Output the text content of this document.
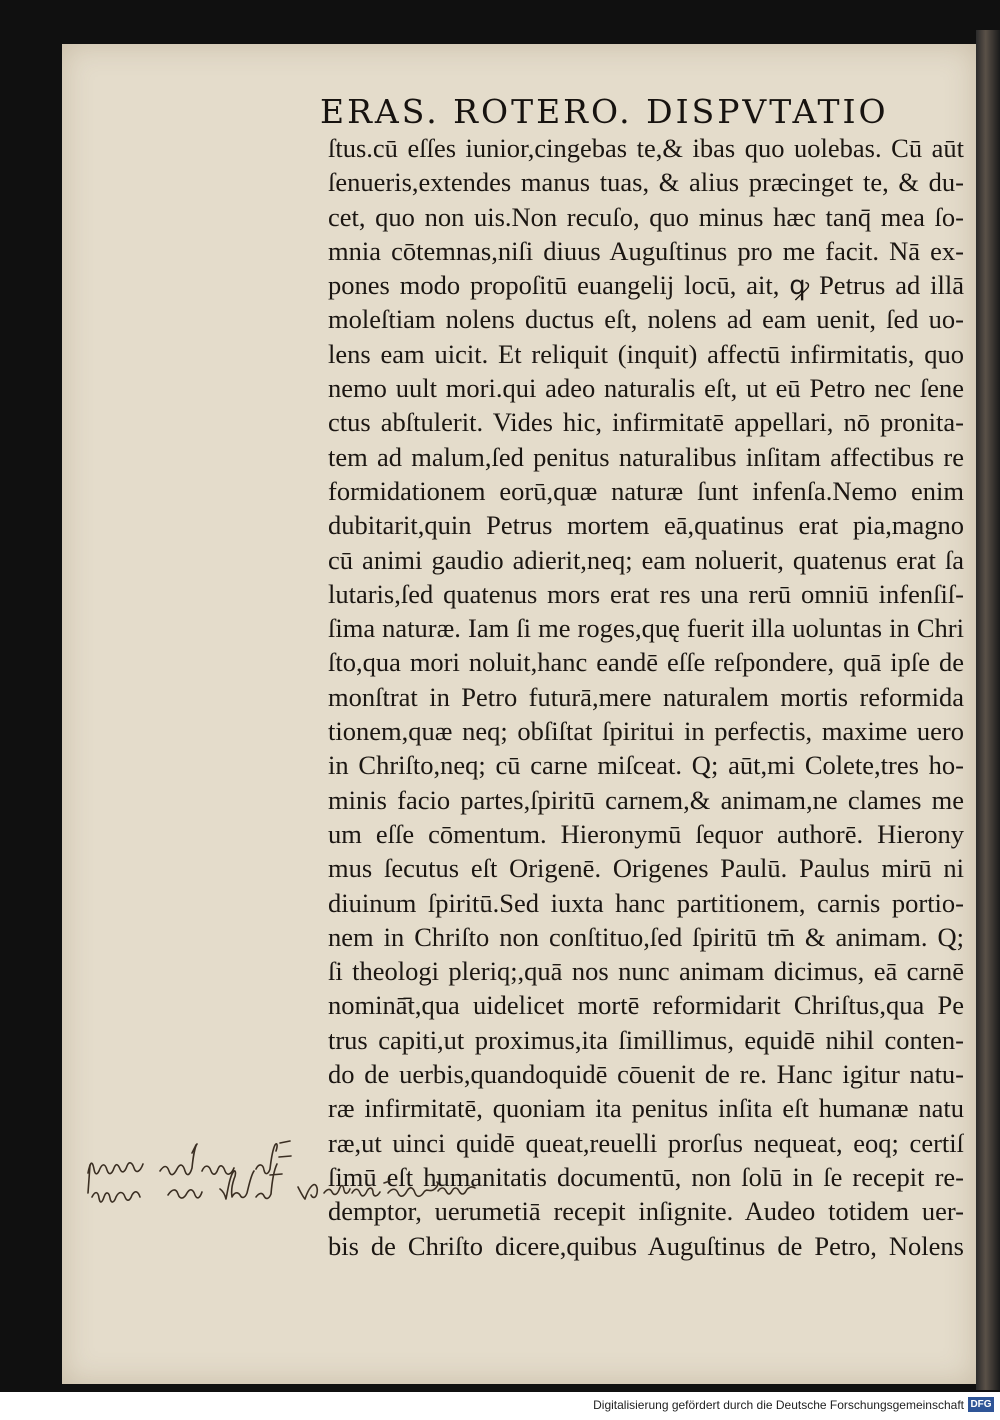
ERAS. ROTERO. DISPVTATIO
ſtus.cū eſſes iunior,cingebas te,& ibas quo uolebas. Cū aūt
ſenueris,extendes manus tuas, & alius præcinget te, & du-
cet, quo non uis.Non recuſo, quo minus hæc tanq̄ mea ſo-
mnia cōtemnas,niſi diuus Auguſtinus pro me facit. Nā ex-
pones modo propoſitū euangelij locū, ait, ꝙ Petrus ad illā
moleſtiam nolens ductus eſt, nolens ad eam uenit, ſed uo-
lens eam uicit. Et reliquit (inquit) affectū infirmitatis, quo
nemo uult mori.qui adeo naturalis eſt, ut eū Petro nec ſene
ctus abſtulerit. Vides hic, infirmitatē appellari, nō pronita-
tem ad malum,ſed penitus naturalibus inſitam affectibus re
formidationem eorū,quæ naturæ ſunt infenſa.Nemo enim
dubitarit,quin Petrus mortem eā,quatinus erat pia,magno
cū animi gaudio adierit,neq; eam noluerit, quatenus erat ſa
lutaris,ſed quatenus mors erat res una rerū omniū infenſiſ-
ſima naturæ. Iam ſi me roges,quę fuerit illa uoluntas in Chri
ſto,qua mori noluit,hanc eandē eſſe reſpondere, quā ipſe de
monſtrat in Petro futurā,mere naturalem mortis reformida
tionem,quæ neq; obſiſtat ſpiritui in perfectis, maxime uero
in Chriſto,neq; cū carne miſceat. Q; aūt,mi Colete,tres ho-
minis facio partes,ſpiritū carnem,& animam,ne clames me
um eſſe cōmentum. Hieronymū ſequor authorē. Hierony
mus ſecutus eſt Origenē. Origenes Paulū. Paulus mirū ni
diuinum ſpiritū.Sed iuxta hanc partitionem, carnis portio-
nem in Chriſto non conſtituo,ſed ſpiritū tm̄ & animam. Q;
ſi theologi pleriq;,quā nos nunc animam dicimus, eā carnē
nominā̄t,qua uidelicet mortē reformidarit Chriſtus,qua Pe
trus capiti,ut proximus,ita ſimillimus, equidē nihil conten-
do de uerbis,quandoquidē cōuenit de re. Hanc igitur natu-
ræ infirmitatē, quoniam ita penitus inſita eſt humanæ natu
ræ,ut uinci quidē queat,reuelli prorſus nequeat, eoq; certiſ
ſimū eſt humanitatis documentū, non ſolū in ſe recepit re-
demptor, uerumetiā recepit inſignite. Audeo totidem uer-
bis de Chriſto dicere,quibus Auguſtinus de Petro, Nolens
Digitalisierung gefördert durch die Deutsche Forschungsgemeinschaft DFG
